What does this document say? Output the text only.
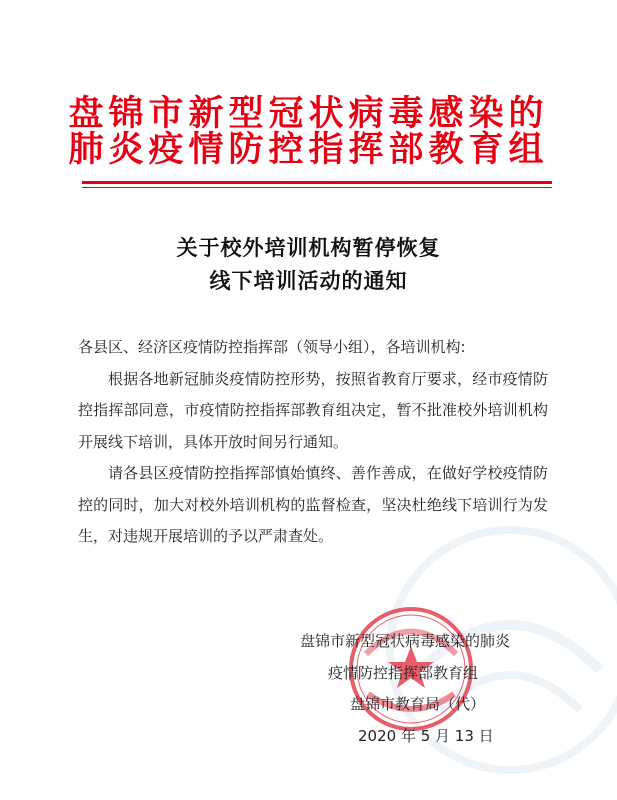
盘锦市新型冠状病毒感染的
肺炎疫情防控指挥部教育组
关于校外培训机构暂停恢复
线下培训活动的通知

各县区、经济区疫情防控指挥部（领导小组），各培训机构:

根据各地新冠肺炎疫情防控形势，按照省教育厅要求，经市疫情防控指挥部同意，市疫情防控指挥部教育组决定，暂不批准校外培训机构开展线下培训，具体开放时间另行通知。

请各县区疫情防控指挥部慎始慎终、善作善成，在做好学校疫情防控的同时，加大对校外培训机构的监督检查，坚决杜绝线下培训行为发生，对违规开展培训的予以严肃查处。

盘锦市新型冠状病毒感染的肺炎
疫情防控指挥部教育组
盘锦市教育局（代）
2020 年 5 月 13 日
